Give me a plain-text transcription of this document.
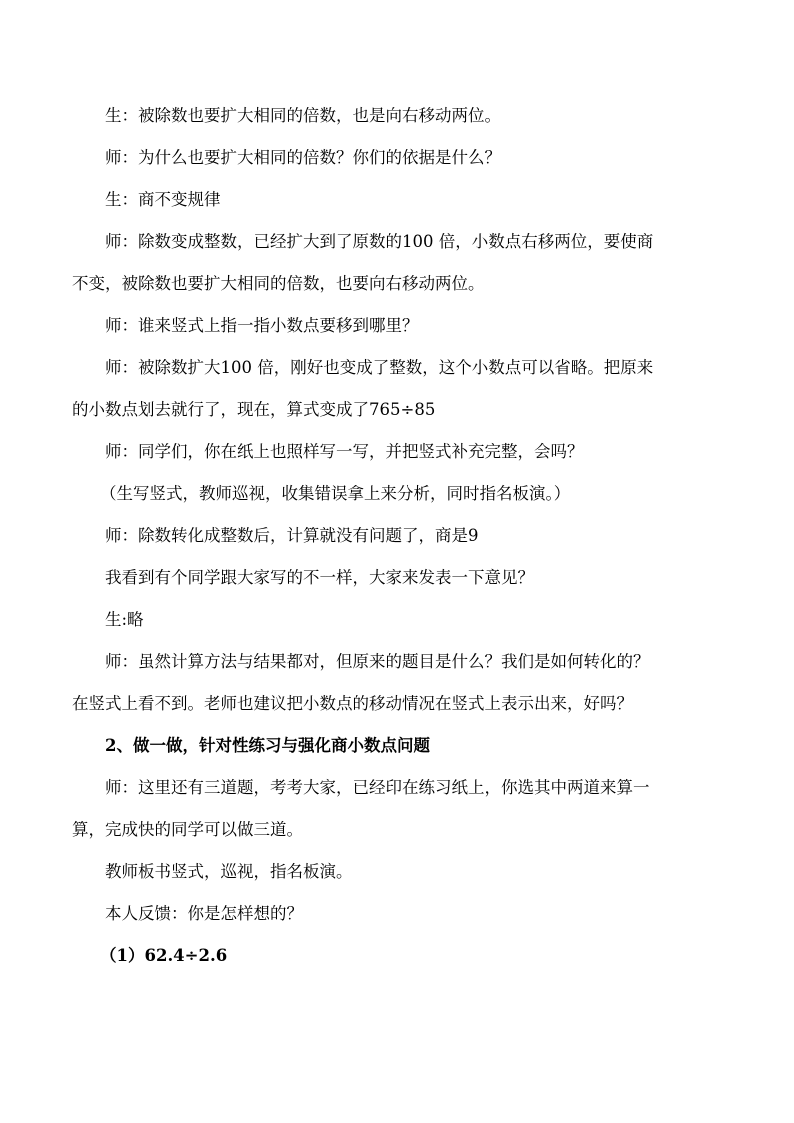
生：被除数也要扩大相同的倍数，也是向右移动两位。

师：为什么也要扩大相同的倍数？你们的依据是什么？

生：商不变规律

师：除数变成整数，已经扩大到了原数的100 倍，小数点右移两位，要使商

不变，被除数也要扩大相同的倍数，也要向右移动两位。

师：谁来竖式上指一指小数点要移到哪里？

师：被除数扩大100 倍，刚好也变成了整数，这个小数点可以省略。把原来

的小数点划去就行了，现在，算式变成了765÷85

师：同学们，你在纸上也照样写一写，并把竖式补充完整，会吗？

（生写竖式，教师巡视，收集错误拿上来分析，同时指名板演。）

师：除数转化成整数后，计算就没有问题了，商是9

我看到有个同学跟大家写的不一样，大家来发表一下意见？

生:略

师：虽然计算方法与结果都对，但原来的题目是什么？我们是如何转化的？

在竖式上看不到。老师也建议把小数点的移动情况在竖式上表示出来，好吗？

2、做一做，针对性练习与强化商小数点问题

师：这里还有三道题，考考大家，已经印在练习纸上，你选其中两道来算一

算，完成快的同学可以做三道。

教师板书竖式，巡视，指名板演。

本人反馈：你是怎样想的？

（1）62.4÷2.6
